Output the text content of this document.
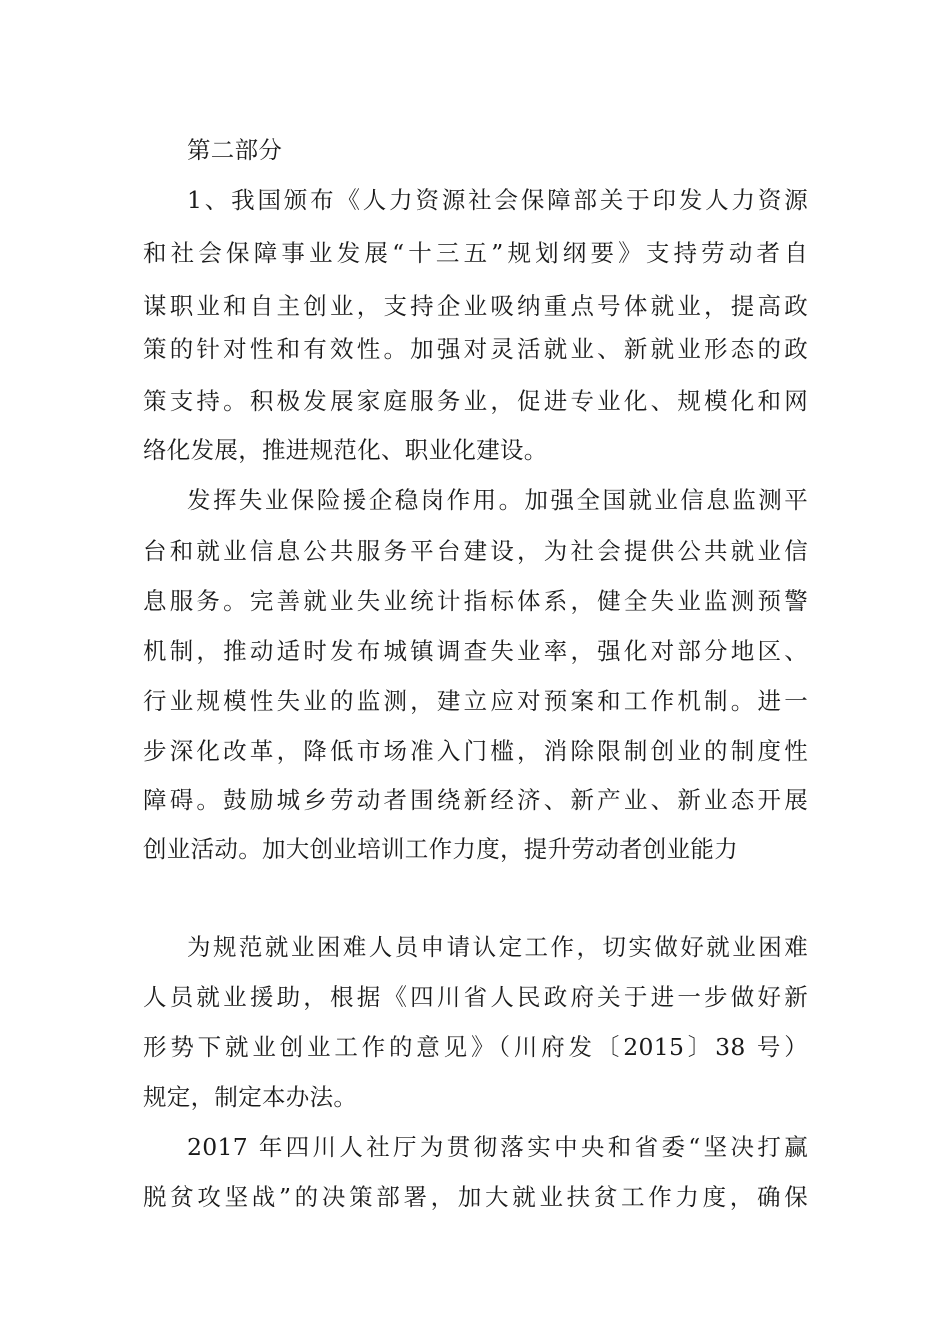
第二部分
1、我国颁布《人力资源社会保障部关于印发人力资源
和社会保障事业发展“十三五”规划纲要》支持劳动者自
谋职业和自主创业，支持企业吸纳重点号体就业，提高政
策的针对性和有效性。加强对灵活就业、新就业形态的政
策支持。积极发展家庭服务业，促进专业化、规模化和网
络化发展，推进规范化、职业化建设。
发挥失业保险援企稳岗作用。加强全国就业信息监测平
台和就业信息公共服务平台建设，为社会提供公共就业信
息服务。完善就业失业统计指标体系，健全失业监测预警
机制，推动适时发布城镇调查失业率，强化对部分地区、
行业规模性失业的监测，建立应对预案和工作机制。进一
步深化改革，降低市场准入门槛，消除限制创业的制度性
障碍。鼓励城乡劳动者围绕新经济、新产业、新业态开展
创业活动。加大创业培训工作力度，提升劳动者创业能力
为规范就业困难人员申请认定工作，切实做好就业困难
人员就业援助，根据《四川省人民政府关于进一步做好新
形势下就业创业工作的意见》（川府发〔2015〕38 号）
规定，制定本办法。
2017 年四川人社厅为贯彻落实中央和省委“坚决打赢
脱贫攻坚战”的决策部署，加大就业扶贫工作力度，确保
